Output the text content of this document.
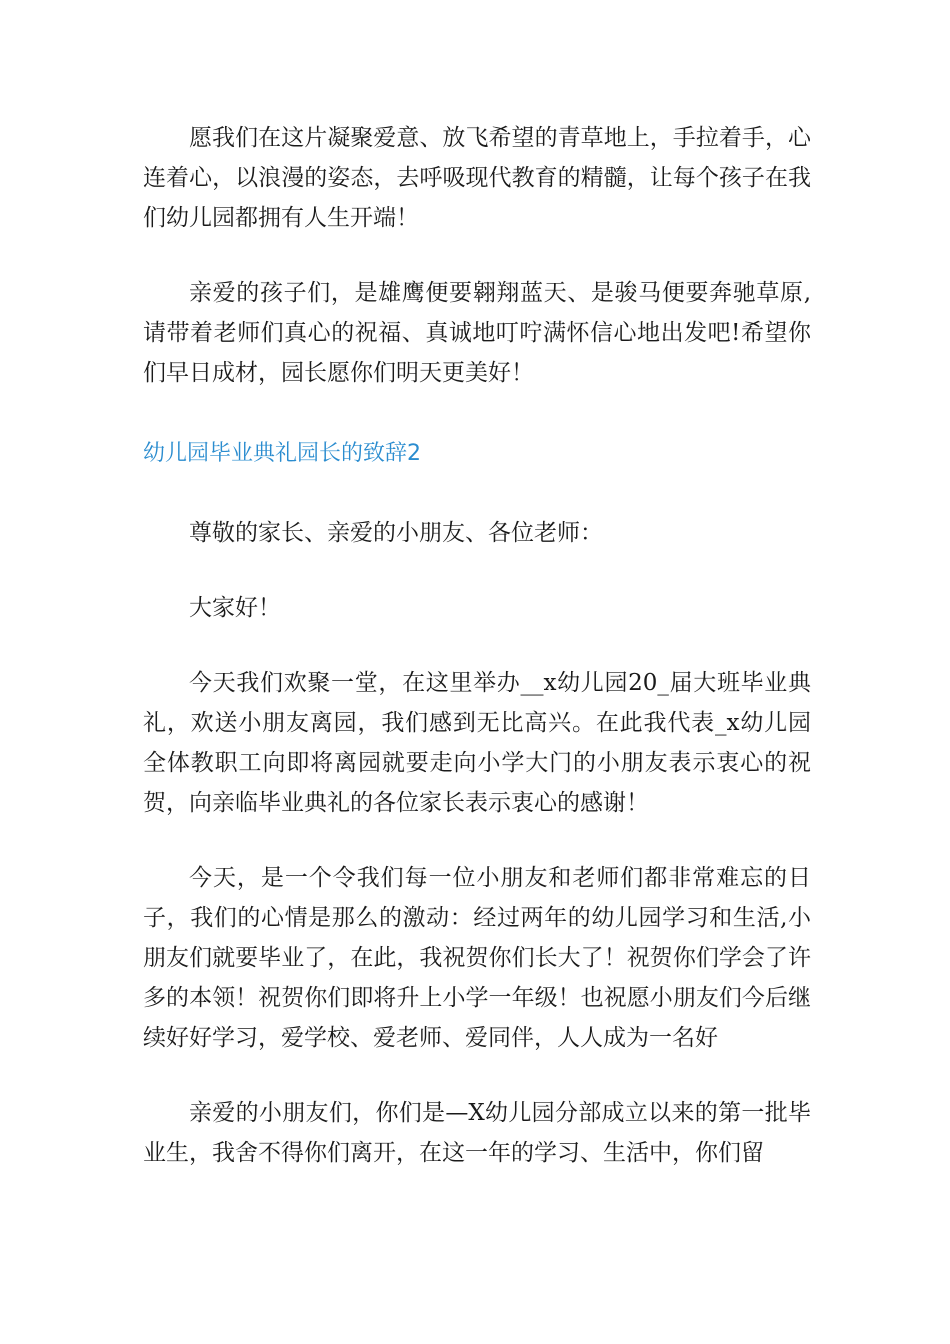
愿我们在这片凝聚爱意、放飞希望的青草地上，手拉着手，心连着心，以浪漫的姿态，去呼吸现代教育的精髓，让每个孩子在我们幼儿园都拥有人生开端！

亲爱的孩子们，是雄鹰便要翱翔蓝天、是骏马便要奔驰草原,请带着老师们真心的祝福、真诚地叮咛满怀信心地出发吧!希望你们早日成材，园长愿你们明天更美好！

幼儿园毕业典礼园长的致辞2

尊敬的家长、亲爱的小朋友、各位老师：

大家好！

今天我们欢聚一堂，在这里举办__x幼儿园20_届大班毕业典礼，欢送小朋友离园，我们感到无比高兴。在此我代表_x幼儿园全体教职工向即将离园就要走向小学大门的小朋友表示衷心的祝贺，向亲临毕业典礼的各位家长表示衷心的感谢！

今天，是一个令我们每一位小朋友和老师们都非常难忘的日子，我们的心情是那么的激动：经过两年的幼儿园学习和生活,小朋友们就要毕业了，在此，我祝贺你们长大了！祝贺你们学会了许多的本领！祝贺你们即将升上小学一年级！也祝愿小朋友们今后继续好好学习，爱学校、爱老师、爱同伴，人人成为一名好

亲爱的小朋友们，你们是—X幼儿园分部成立以来的第一批毕业生，我舍不得你们离开，在这一年的学习、生活中，你们留
